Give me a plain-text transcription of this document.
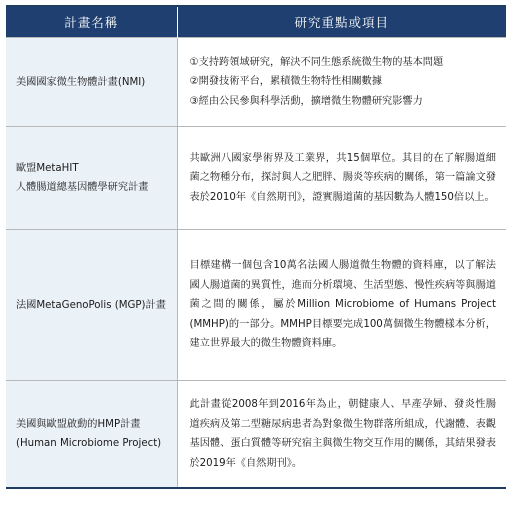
計畫名稱	研究重點或項目

美國國家微生物體計畫(NMI)	①支持跨領域研究，解決不同生態系統微生物的基本問題
②開發技術平台，累積微生物特性相關數據
③經由公民參與科學活動，擴增微生物體研究影響力

歐盟MetaHIT
人體腸道總基因體學研究計畫	共歐洲八國家學術界及工業界，共15個單位。其目的在了解腸道細菌之物種分布，探討與人之肥胖、腸炎等疾病的關係，第一篇論文發表於2010年《自然期刊》，證實腸道菌的基因數為人體150倍以上。

法國MetaGenoPolis (MGP)計畫	目標建構一個包含10萬名法國人腸道微生物體的資料庫，以了解法國人腸道菌的異質性，進而分析環境、生活型態、慢性疾病等與腸道菌之間的關係，屬於Million Microbiome of Humans Project (MMHP)的一部分。MMHP目標要完成100萬個微生物體樣本分析，建立世界最大的微生物體資料庫。

美國與歐盟啟動的HMP計畫
(Human Microbiome Project)	此計畫從2008年到2016年為止，朝健康人、早產孕婦、發炎性腸道疾病及第二型糖尿病患者為對象微生物群落所組成，代謝體、表觀基因體、蛋白質體等研究宿主與微生物交互作用的關係，其結果發表於2019年《自然期刊》。
